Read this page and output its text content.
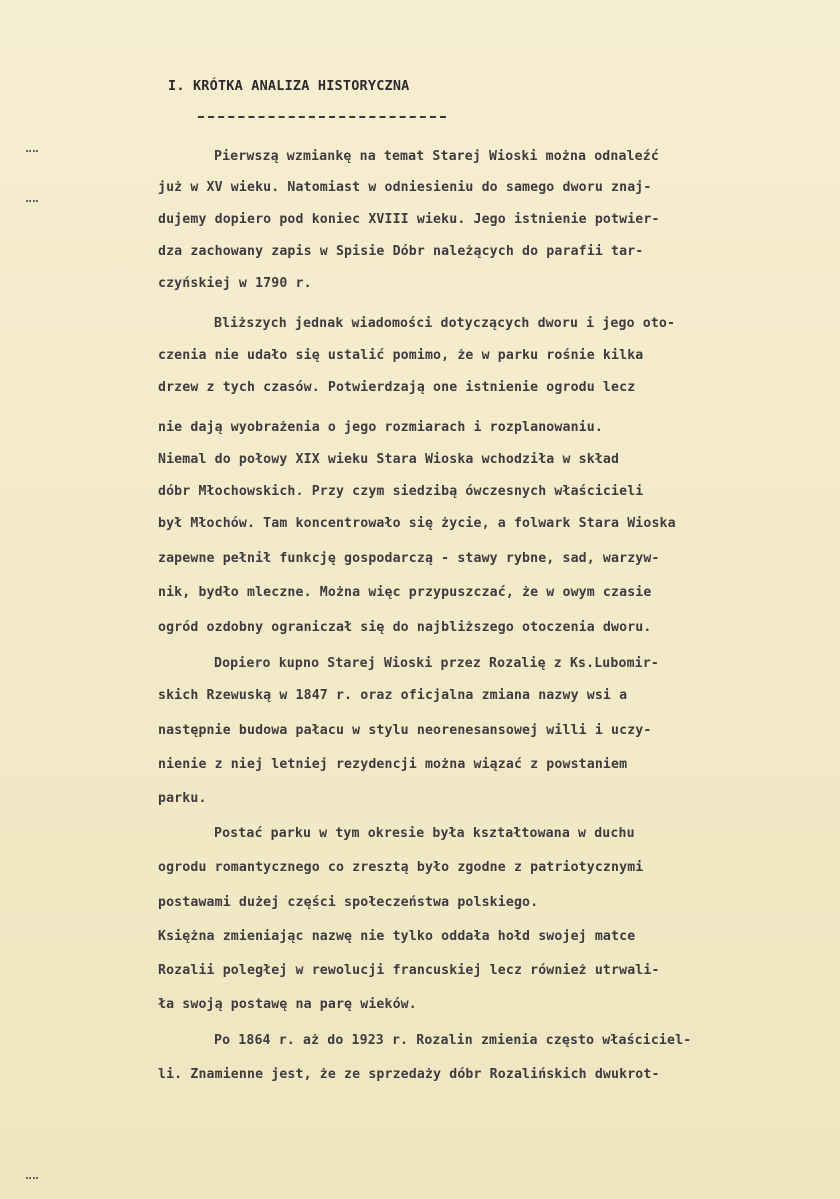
I. KRÓTKA ANALIZA HISTORYCZNA
Pierwszą wzmiankę na temat Starej Wioski można odnaleźć
już w XV wieku. Natomiast w odniesieniu do samego dworu znaj-
dujemy dopiero pod koniec XVIII wieku. Jego istnienie potwier-
dza zachowany zapis w Spisie Dóbr należących do parafii tar-
czyńskiej w 1790 r.
Bliższych jednak wiadomości dotyczących dworu i jego oto-
czenia nie udało się ustalić pomimo, że w parku rośnie kilka
drzew z tych czasów. Potwierdzają one istnienie ogrodu lecz
nie dają wyobrażenia o jego rozmiarach i rozplanowaniu.
Niemal do połowy XIX wieku Stara Wioska wchodziła w skład
dóbr Młochowskich. Przy czym siedzibą ówczesnych właścicieli
był Młochów. Tam koncentrowało się życie, a folwark Stara Wioska
zapewne pełnił funkcję gospodarczą - stawy rybne, sad, warzyw-
nik, bydło mleczne. Można więc przypuszczać, że w owym czasie
ogród ozdobny ograniczał się do najbliższego otoczenia dworu.
Dopiero kupno Starej Wioski przez Rozalię z Ks.Lubomir-
skich Rzewuską w 1847 r. oraz oficjalna zmiana nazwy wsi a
następnie budowa pałacu w stylu neorenesansowej willi i uczy-
nienie z niej letniej rezydencji można wiązać z powstaniem
parku.
Postać parku w tym okresie była kształtowana w duchu
ogrodu romantycznego co zresztą było zgodne z patriotycznymi
postawami dużej części społeczeństwa polskiego.
Księżna zmieniając nazwę nie tylko oddała hołd swojej matce
Rozalii poległej w rewolucji francuskiej lecz również utrwali-
ła swoją postawę na parę wieków.
Po 1864 r. aż do 1923 r. Rozalin zmienia często właściciel-
li. Znamienne jest, że ze sprzedaży dóbr Rozalińskich dwukrot-
